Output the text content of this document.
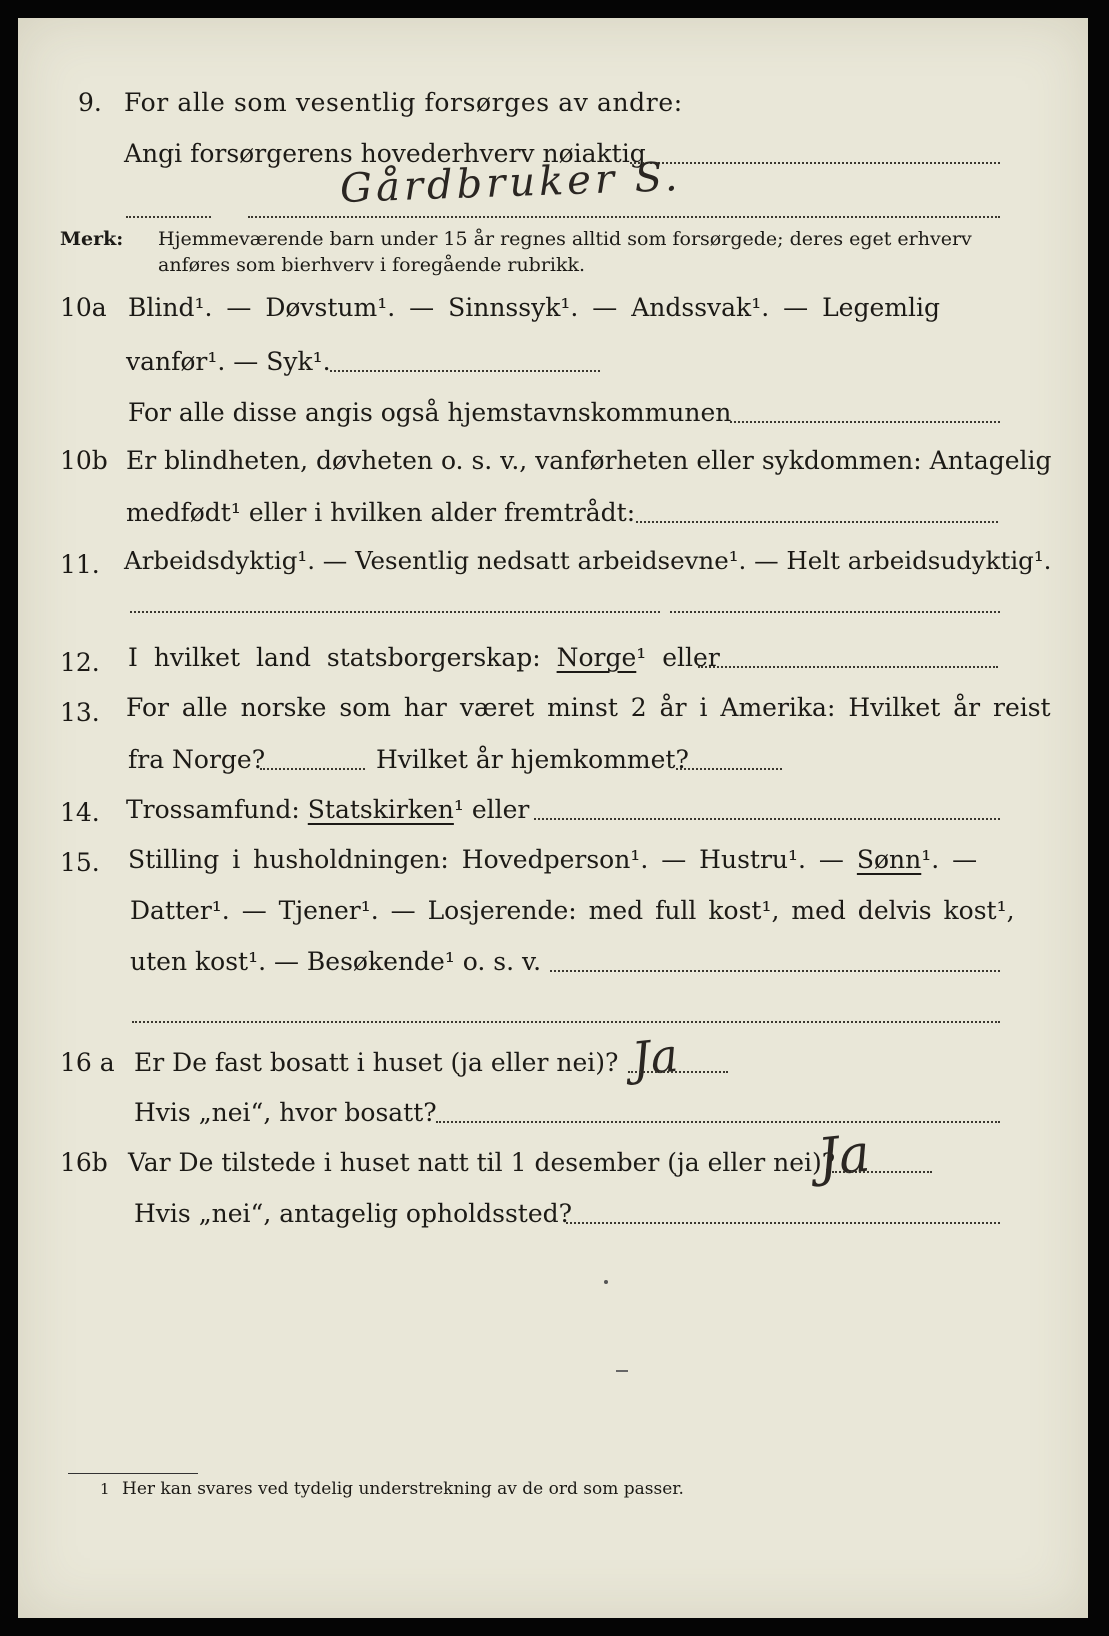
9. For alle som vesentlig forsørges av andre:
Angi forsørgerens hovederhverv nøiaktig
Gårdbruker S.
Merk: Hjemmeværende barn under 15 år regnes alltid som forsørgede; deres eget erhverv
anføres som bierhverv i foregående rubrikk.
10a Blind¹. — Døvstum¹. — Sinnssyk¹. — Andssvak¹. — Legemlig
vanfør¹. — Syk¹.
For alle disse angis også hjemstavnskommunen
10b Er blindheten, døvheten o. s. v., vanførheten eller sykdommen: Antagelig
medfødt¹ eller i hvilken alder fremtrådt:
11. Arbeidsdyktig¹. — Vesentlig nedsatt arbeidsevne¹. — Helt arbeidsudyktig¹.
12. I hvilket land statsborgerskap: Norge¹ eller
13. For alle norske som har været minst 2 år i Amerika: Hvilket år reist
fra Norge?	Hvilket år hjemkommet?
14. Trossamfund: Statskirken¹ eller
15. Stilling i husholdningen: Hovedperson¹. — Hustru¹. — Sønn¹. —
Datter¹. — Tjener¹. — Losjerende: med full kost¹, med delvis kost¹,
uten kost¹. — Besøkende¹ o. s. v.
16 a Er De fast bosatt i huset (ja eller nei)? Ja
Hvis „nei“, hvor bosatt?
16b Var De tilstede i huset natt til 1 desember (ja eller nei)?
Ja
Hvis „nei“, antagelig opholdssted?
1 Her kan svares ved tydelig understrekning av de ord som passer.
